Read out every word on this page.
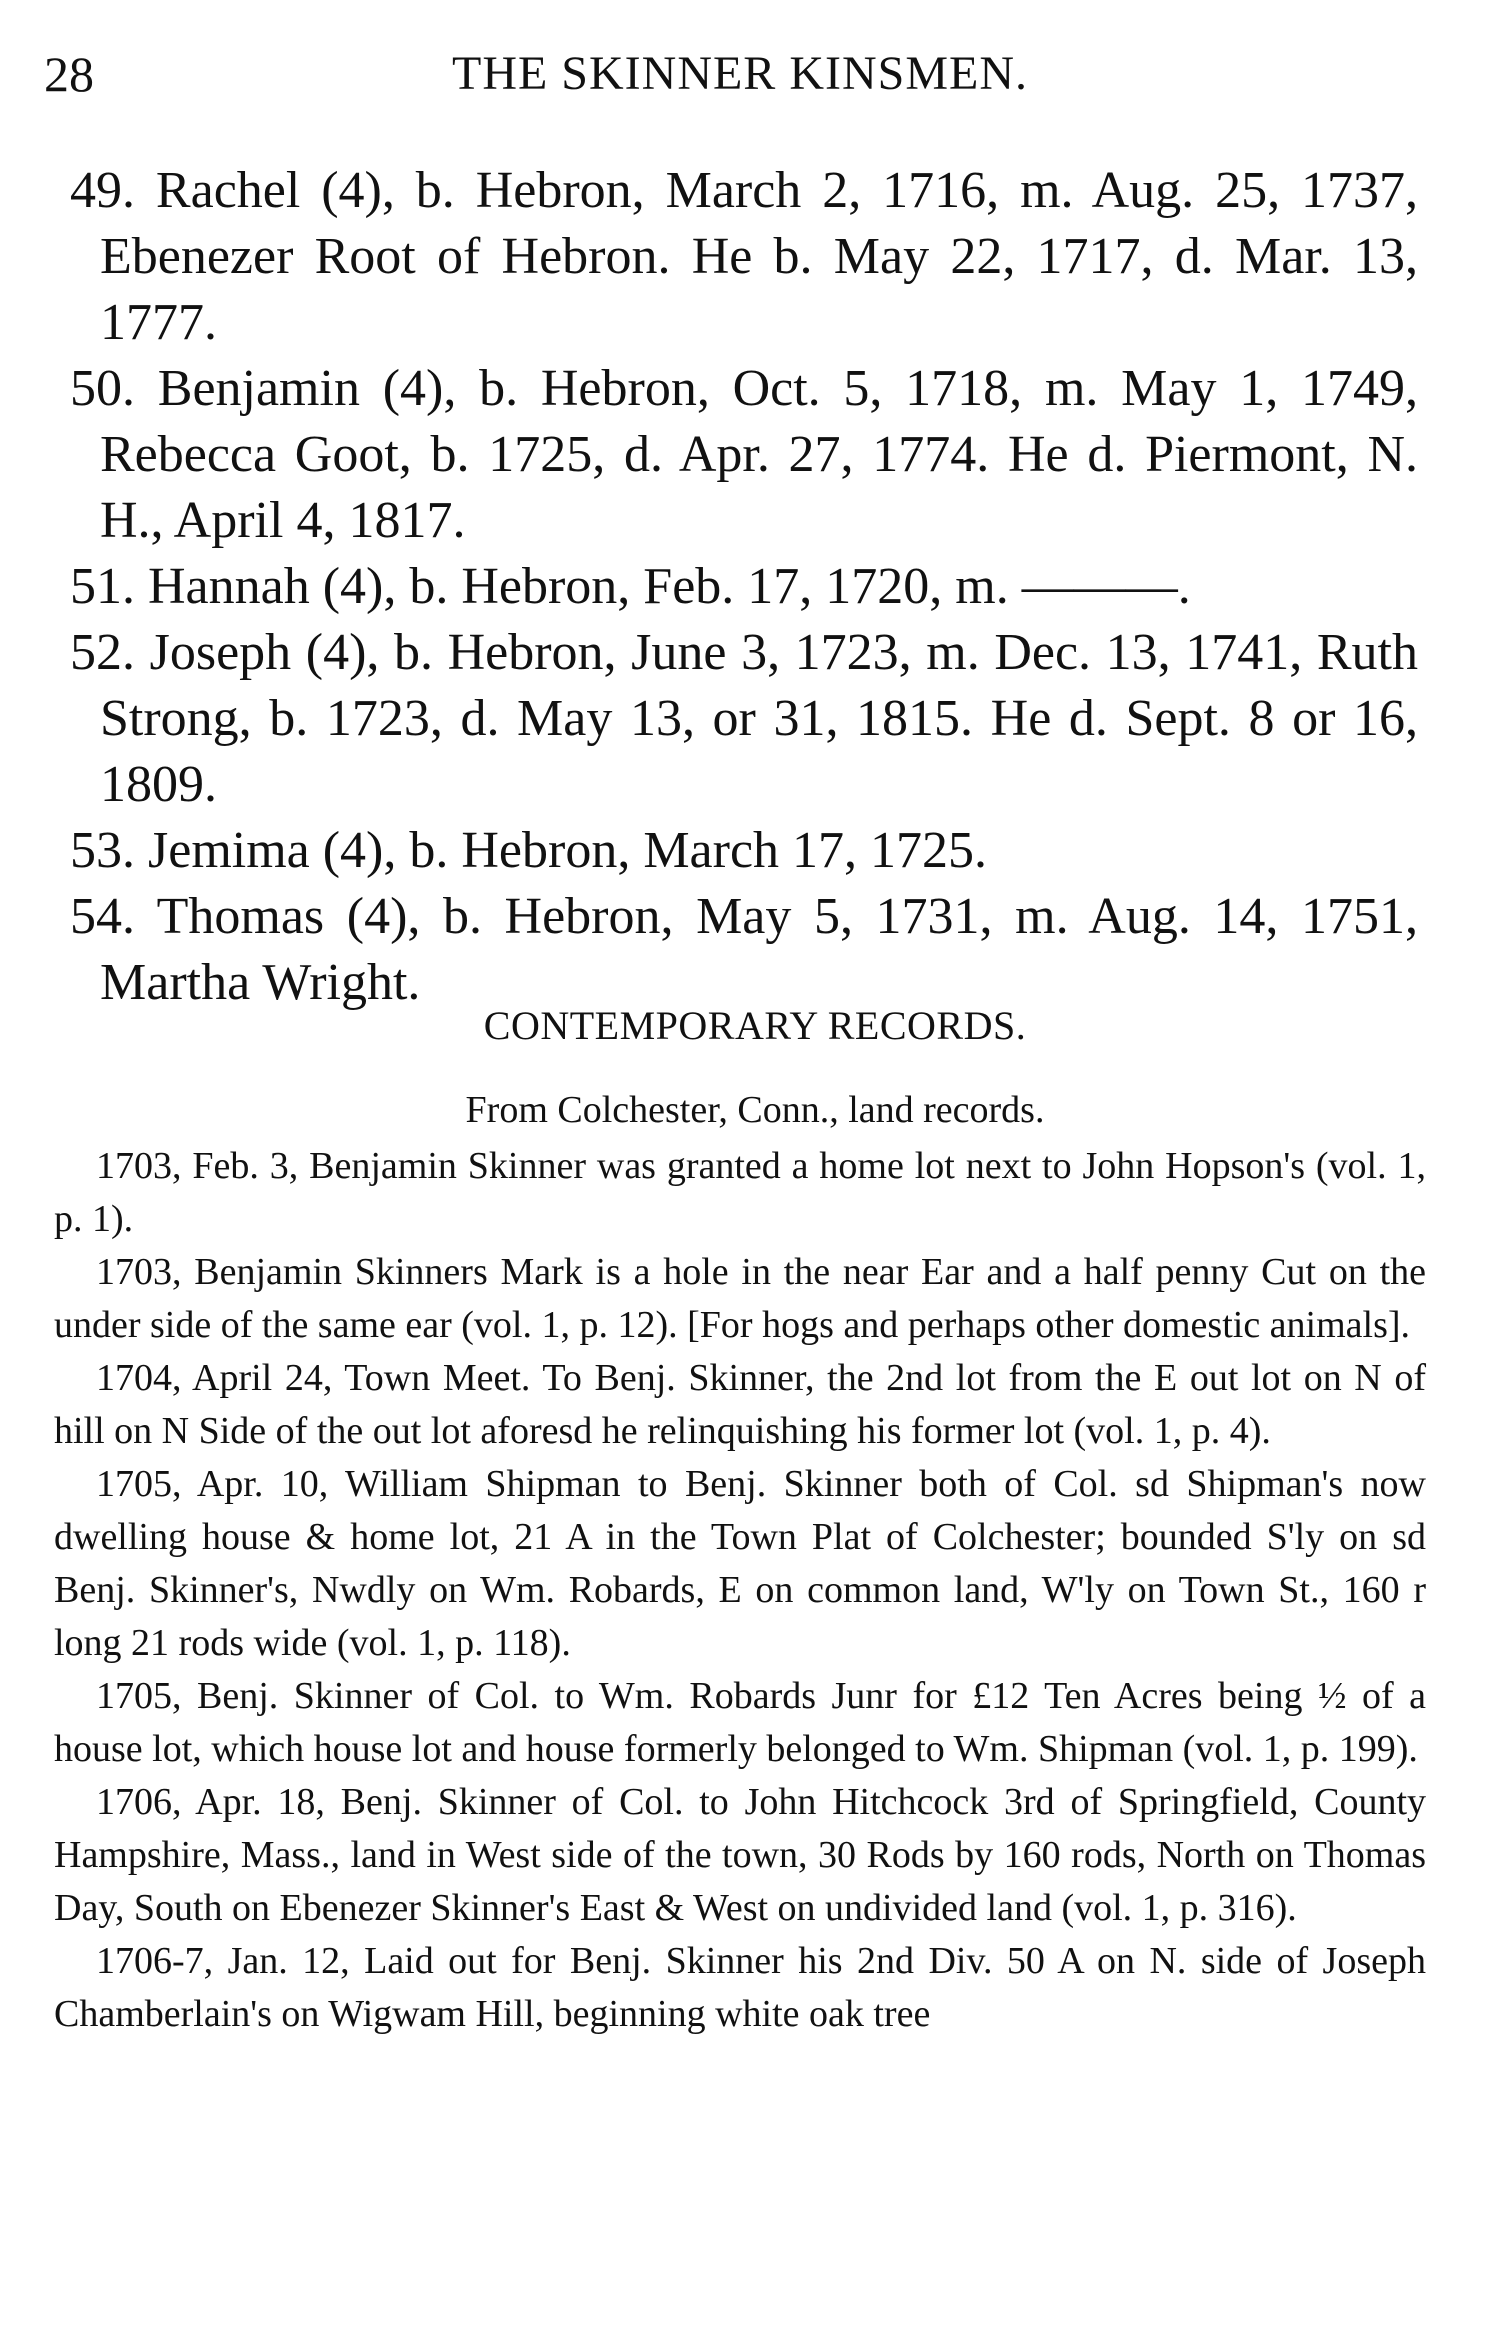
28	THE SKINNER KINSMEN.

49. Rachel (4), b. Hebron, March 2, 1716, m. Aug. 25, 1737, Ebenezer Root of Hebron. He b. May 22, 1717, d. Mar. 13, 1777.

50. Benjamin (4), b. Hebron, Oct. 5, 1718, m. May 1, 1749, Rebecca Goot, b. 1725, d. Apr. 27, 1774. He d. Piermont, N. H., April 4, 1817.

51. Hannah (4), b. Hebron, Feb. 17, 1720, m. ———.

52. Joseph (4), b. Hebron, June 3, 1723, m. Dec. 13, 1741, Ruth Strong, b. 1723, d. May 13, or 31, 1815. He d. Sept. 8 or 16, 1809.

53. Jemima (4), b. Hebron, March 17, 1725.

54. Thomas (4), b. Hebron, May 5, 1731, m. Aug. 14, 1751, Martha Wright.

CONTEMPORARY RECORDS.
From Colchester, Conn., land records.

1703, Feb. 3, Benjamin Skinner was granted a home lot next to John Hopson's (vol. 1, p. 1).

1703, Benjamin Skinners Mark is a hole in the near Ear and a half penny Cut on the under side of the same ear (vol. 1, p. 12). [For hogs and perhaps other domestic animals].

1704, April 24, Town Meet. To Benj. Skinner, the 2nd lot from the E out lot on N of hill on N Side of the out lot aforesd he relinquishing his former lot (vol. 1, p. 4).

1705, Apr. 10, William Shipman to Benj. Skinner both of Col. sd Shipman's now dwelling house & home lot, 21 A in the Town Plat of Colchester; bounded S'ly on sd Benj. Skinner's, Nwdly on Wm. Robards, E on common land, W'ly on Town St., 160 r long 21 rods wide (vol. 1, p. 118).

1705, Benj. Skinner of Col. to Wm. Robards Junr for £12 Ten Acres being ½ of a house lot, which house lot and house formerly belonged to Wm. Shipman (vol. 1, p. 199).

1706, Apr. 18, Benj. Skinner of Col. to John Hitchcock 3rd of Springfield, County Hampshire, Mass., land in West side of the town, 30 Rods by 160 rods, North on Thomas Day, South on Ebenezer Skinner's East & West on undivided land (vol. 1, p. 316).

1706-7, Jan. 12, Laid out for Benj. Skinner his 2nd Div. 50 A on N. side of Joseph Chamberlain's on Wigwam Hill, beginning white oak tree
